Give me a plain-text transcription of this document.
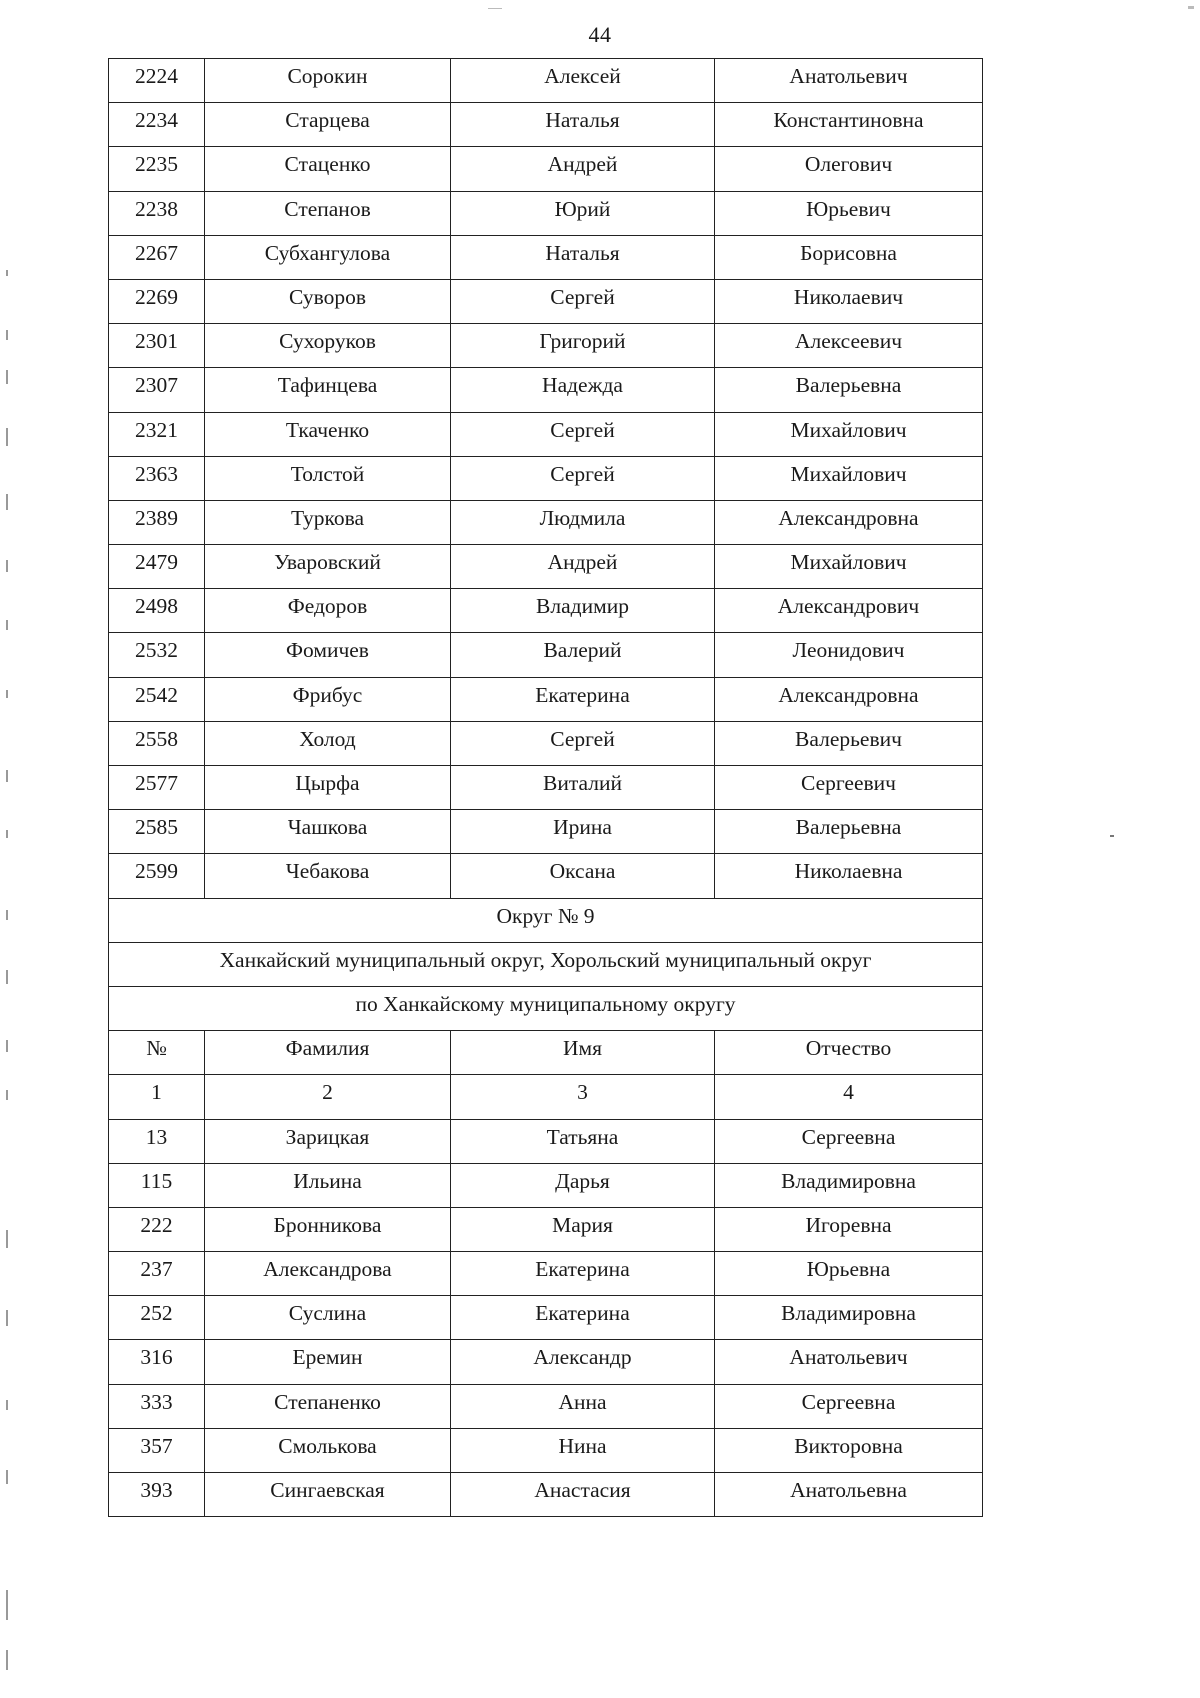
44
2224	Сорокин	Алексей	Анатольевич
2234	Старцева	Наталья	Константиновна
2235	Стаценко	Андрей	Олегович
2238	Степанов	Юрий	Юрьевич
2267	Субхангулова	Наталья	Борисовна
2269	Суворов	Сергей	Николаевич
2301	Сухоруков	Григорий	Алексеевич
2307	Тафинцева	Надежда	Валерьевна
2321	Ткаченко	Сергей	Михайлович
2363	Толстой	Сергей	Михайлович
2389	Туркова	Людмила	Александровна
2479	Уваровский	Андрей	Михайлович
2498	Федоров	Владимир	Александрович
2532	Фомичев	Валерий	Леонидович
2542	Фрибус	Екатерина	Александровна
2558	Холод	Сергей	Валерьевич
2577	Цырфа	Виталий	Сергеевич
2585	Чашкова	Ирина	Валерьевна
2599	Чебакова	Оксана	Николаевна
Округ № 9			
Ханкайский муниципальный округ, Хорольский муниципальный округ			
по Ханкайскому муниципальному округу			
№	Фамилия	Имя	Отчество
1	2	3	4
13	Зарицкая	Татьяна	Сергеевна
115	Ильина	Дарья	Владимировна
222	Бронникова	Мария	Игоревна
237	Александрова	Екатерина	Юрьевна
252	Суслина	Екатерина	Владимировна
316	Еремин	Александр	Анатольевич
333	Степаненко	Анна	Сергеевна
357	Смолькова	Нина	Викторовна
393	Сингаевская	Анастасия	Анатольевна
